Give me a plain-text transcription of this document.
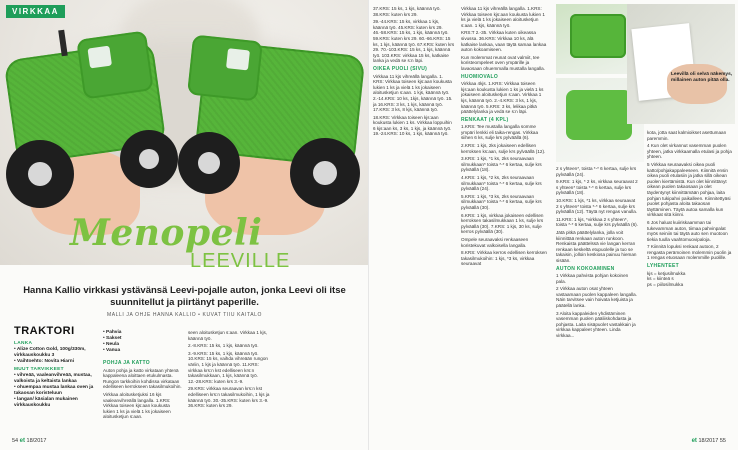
VIRKKAA
Menopeli
LEEVILLE
Hanna Kallio virkkasi ystävänsä Leevi-pojalle auton, jonka Leevi oli itse suunnitellut ja piirtänyt paperille.
MALLI JA OHJE HANNA KALLIO • KUVAT TIIU KAITALO
TRAKTORI
LANKA
• Alize Cotton Gold, 100g/330m, virkkauskoukku 3
• Vaihtoehto: Novita Hiarni
MUUT TARVIKKEET
• vihreää, vaaleanvihreää, mustaa, valkoista ja keltaista lankaa
• ohuempaa mustaa lankaa oven ja takaosan koristeluun
• langan/ käsialan mukainen virkkauskoukku
• Pahvia
• Sakset
• Neula
• Vanua
POHJA JA KATTO

Auton pohja ja katto virkataan yhtenä kappaleena aloittaen etukulmasta. Rungon tarkkoihin kohdissa virkataan edelliseen kerrokseen takasilmukoihin.

Virkkaa aloitusketjuksi 16 kjs vaaleanvihreällä langalla. 1.KRS: Virkkaa toiseen kjs:aan koukusta lukien 1 ks ja vielä 1 ks jokaiseen aloitusketjun s:aan.

seen aloitusketjun s:aan. Virkkaa 1 kjs, käännä työ.

2.-8.KRS: 15 ks, 1 kjs, käännä työ.

3.-9.KRS: 15 ks, 1 kjs, käännä työ. 10.KRS: 15 ks, vaihda vihreään rungon väriin, 1 kjs ja käännä työ. 11.KRS: virkkaa krs:n kst edelliseen krs:n takasilmukkaan, 1 kjs, käännä työ. 12.-28.KRS: kuten krs 3.-9.

29.KRS: virkkaa seuraavan krs:n kst edelliseen krs:n takasilmukoihin, 1 kjs ja käännä työ. 30.-35.KRS: kuten krs 3.-9. 36.KRS: kuten krs 29.

54 et 18/2017

37.KRS: 15 ks, 1 kjs, käännä työ. 38.KRS: kuten krs 29.

39.-44.KRS: 15 ks, virkkaa 1 kjs, käännä työ. 45.KRS: kuten krs 29. 46.-58.KRS: 15 ks, 1 kjs, käännä työ. 59.KRS: kuten krs 29. 60.-66.KRS: 15 ks, 1 kjs, käännä työ. 67.KRS: kuten krs 29. 70.-103.KRS: 15 ks, 1 kjs, käännä työ. 103.KRS: virkkaa 15 ks, katkaise lanka ja vedä se s:n läpi.

OIKEA PUOLI (SIVU)

Virkkaa 11 kjs vihreällä langalla. 1. KRS: Virkkaa toiseen kjs:aan koukusta lukien 1 ks ja vielä 1 ks jokaiseen aloitusketjun s:aan. 1 kjs, käännä työ. 2.-14.KRS: 10 ks, 1kjs, käännä työ. 15. ja 16.KRS: 3 ks, 1 kjs, käännä työ. 17.KRS: 3 ks, 8 kjs, käännä työ.

18.KRS: Virkkaa toiseen kjs:aan koukusta lukien 1 ks. Virkkaa loppuihin 6 kjs:aan ks, 3 ks, 1 kjs, ja käännä työ. 19.-24.KRS: 10 ks, 1 kjs, käännä työ.

Virkkaa 11 kjs vihreällä langalla. 1.KRS: Virkkaa toiseen kjs:aan koukusta lukien 1 ks ja vielä 1 ks jokaiseen aloitusketjun s:aan. 1 kjs, käännä työ.

KRS:T 2.-35. Virkkaa kuten oikeassa sivussa. 36.KRS: Virkkaa 10 ks, älä katkaise lankaa, vaan täytä samaa lankaa auton kokoamiseen.

Kun molemmat reunat ovat valmiit, tee koristeompeleet oven ympärille ja lavaosaan ohuemmalla mustalla langalla.

HUOMIOVALO

Virkkaa 4kjs. 1.KRS: Virkkaa toiseen kjs:aan koukusta lukien 1 ks ja vielä 1 ks jokaiseen aloitusketjun s:aan. Virkkaa 1 kjs, käännä työ. 2.-4.KRS: 3 ks, 1 kjs, käännä työ. 5.KRS: 3 ks, lelikaa pitkä päättelylanka ja vedä se s:n läpi.

RENKAAT (4 KPL)

1.KRS: Tee mustalla langalla somme ympäri lenkki eli taika-rengas. Virkkaa siihen 6 ks, sulje krs pylväällä (6).

2.KRS: 1 kjs, 2ks jokaiseen edellisen kerroksen ks:aan, sulje krs pylväällä (12).

3.KRS: 1 kjs, *1 ks, 2ks seuraavaan silmukkaan* toista *-* 6 kertaa, sulje krs pylväällä (18).

4.KRS: 1 kjs, *2 ks, 2ks seuraavaan silmukkaan* toista *-* 6 kertaa, sulje krs pylväällä (24).

5.KRS: 1 kjs, *3 ks, 2ks seuraavaan silmukkaan* toista *-* 6 kertaa, sulje krs pylväällä (30).

6.KRS: 1 kjs, virkkaa jokaiseen edellisen kerroksen takasilmukkaan 1 ks, sulje krs pylväällä (30). 7.KRS: 1 kjs, 30 ks, sulje kerros pylväällä (30).

Ompele seuraavaksi renkaaseen koristekuvat valkoisella langalla.

8.KRS: Virkkaa kerros edellisen kerroksen takasilmukoihin: 1 kjs, *3 ks, virkkaa seuraavat

Leevillä oli selvä näkemys, millainen auton pitää olla.

2 s yhteen*, toista *-* 6 kertaa, sulje krs pylväällä (24).

9.KRS: 1 kjs, * 2 ks, virkkaa seuraavat 2 s yhteen* toista *-* 6 kertaa, sulje krs pylväällä (18).

10.KRS: 1 kjs, *1 ks, virkkaa seuraavat 2 s yhteen* toista *-* 6 kertaa, sulje krs pylväällä (12). Täytä nyt rengas vanulla.

11.KRS: 1 kjs, *virkkaa 2 s yhteen*, toista *-* 6 kertaa, sulje krs pylväällä (6).

Jätä pitkä päättelylanka, jolla voit kiinnittää renkaan auton runkoon. Renkaista päättelssä vie langan kerran renkaan keskeltä etupuolelle ja tuo se takaisin, jolloin keskiosa painuu hieman sisään.

AUTON KOKOAMINEN

1 Virkkaa pahvista pohjan kokoinen pala.

2 Virkkaa auton osat yhteen vastaamaan puolen kappaleen langalla. Näin tarvitsee vain hoivata ketjuista ja päätellä lanka.

3 Aloita kappaleiden yhdistäminen vasemman puolen pääliiskohdasta ja pohjasta. Laita sisäpuolet vastakkain ja virkkaa kappaleet yhteen. Linda virkkaa...

kota, jotta saat kalmioikset asettumaan paremmin.

4 Kun olet virkannut vasemman puolen yhteen, jatka virkkaamalla etulasi ja pohja yhteen.

5 Virkkaa seuraavaksi oikea puoli katto/pohjakappaleeseen. Kiinnitä ensin oikea puoli etulasiin ja jatka sillä oikean puolen kiertämistä. Kun olet kiinnittänyt oikean puolen takaosaan ja olet täydentynyt kiinnittämään pohjaa, laita pohjan tukipahvi paikalleen. Kiinnitettyäsi puolet pohjasta aloita takaosan täyttäminen. Täytä autoa samalla kun virkkaat sitä kiinni.

6 Jos haluat kuiiriskaamman tai tukevamman auton, tiimaa pahvinpalat myös seiniin tai täytä auto sen muotoon tiekia tuulla vaahtomuovipaloja.

7 Kiinnitä lopuksi renkaat autoon, 2 rengasta perämoinen molemmin puolin ja 1 rengas etuosaan molemmille puolille.

LYHENTEET

kjs = ketjusilmukka

ks = kiinteä s

ps = piilosilmukka

et 18/2017 55
